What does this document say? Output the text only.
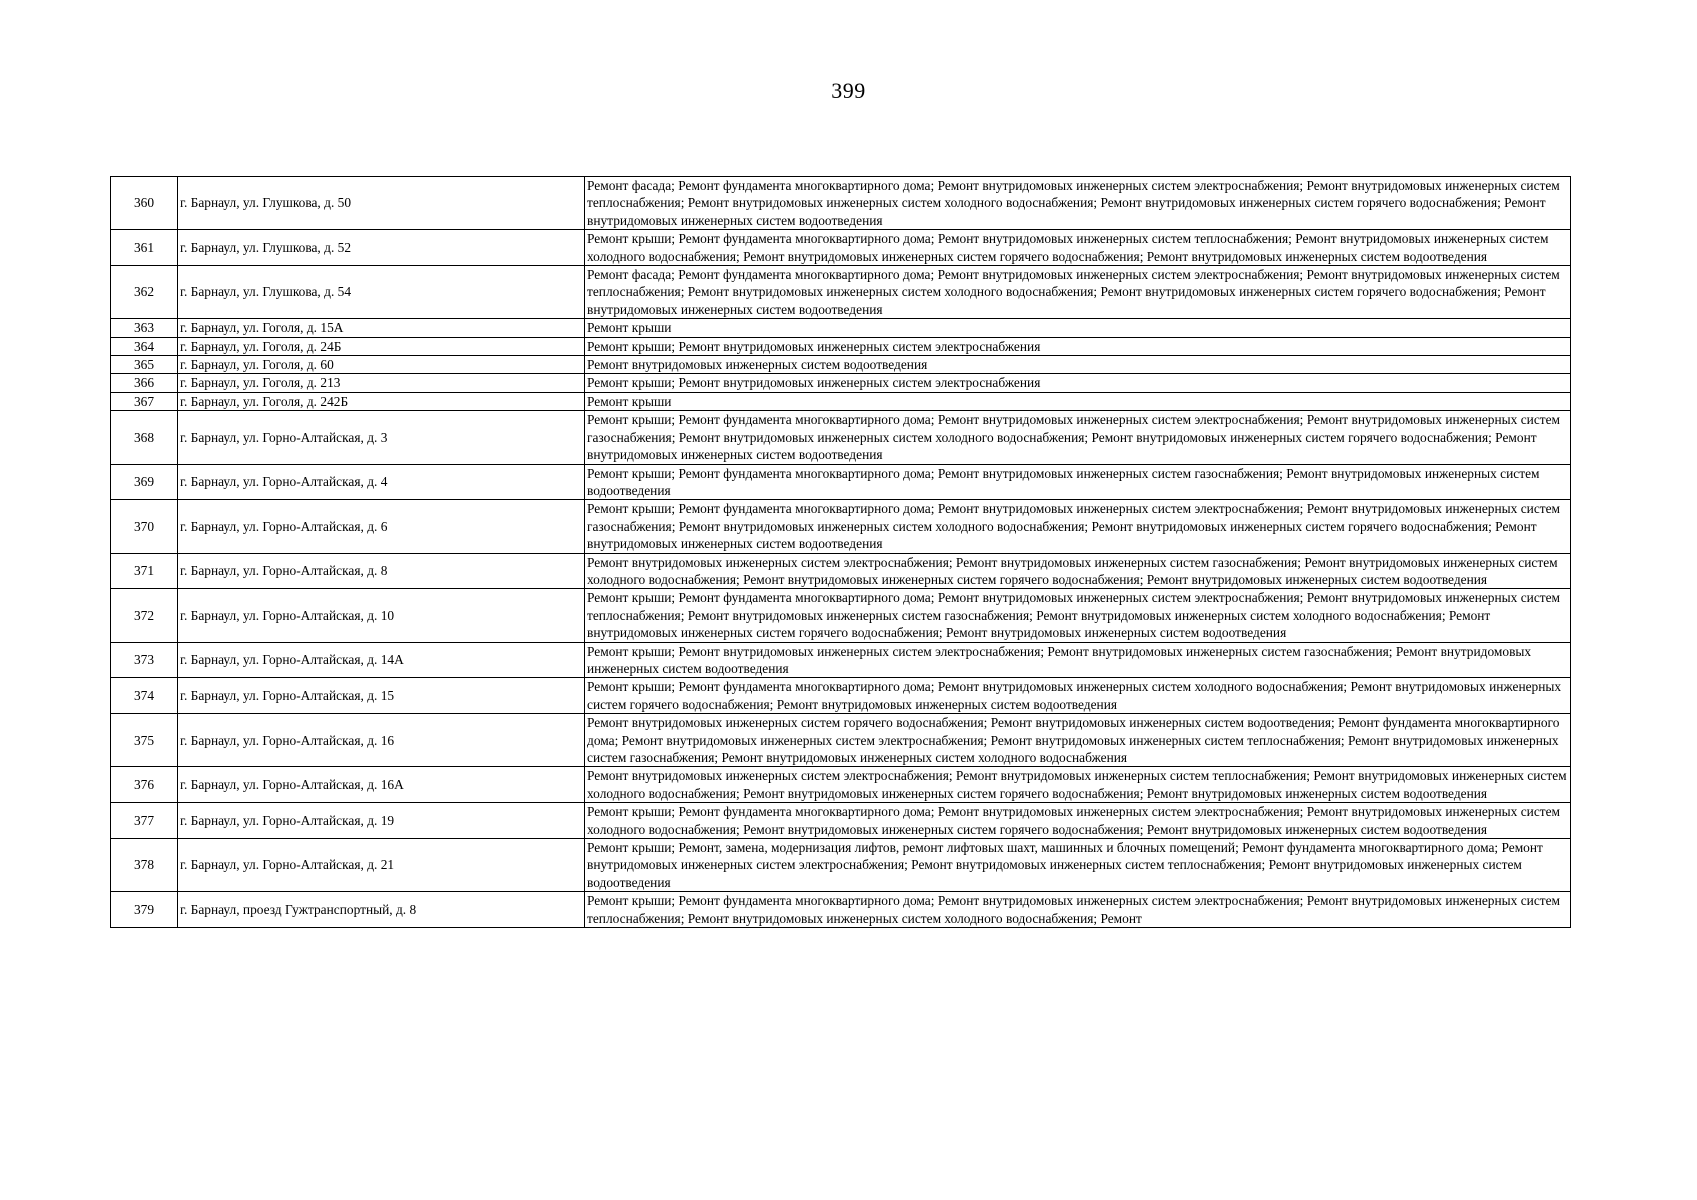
399
360	г. Барнаул, ул. Глушкова, д. 50	Ремонт фасада; Ремонт фундамента многоквартирного дома; Ремонт внутридомовых инженерных систем электроснабжения; Ремонт внутридомовых инженерных систем теплоснабжения; Ремонт внутридомовых инженерных систем холодного водоснабжения; Ремонт внутридомовых инженерных систем горячего водоснабжения; Ремонт внутридомовых инженерных систем водоотведения
361	г. Барнаул, ул. Глушкова, д. 52	Ремонт крыши; Ремонт фундамента многоквартирного дома; Ремонт внутридомовых инженерных систем теплоснабжения; Ремонт внутридомовых инженерных систем холодного водоснабжения; Ремонт внутридомовых инженерных систем горячего водоснабжения; Ремонт внутридомовых инженерных систем водоотведения
362	г. Барнаул, ул. Глушкова, д. 54	Ремонт фасада; Ремонт фундамента многоквартирного дома; Ремонт внутридомовых инженерных систем электроснабжения; Ремонт внутридомовых инженерных систем теплоснабжения; Ремонт внутридомовых инженерных систем холодного водоснабжения; Ремонт внутридомовых инженерных систем горячего водоснабжения; Ремонт внутридомовых инженерных систем водоотведения
363	г. Барнаул, ул. Гоголя, д. 15А	Ремонт крыши
364	г. Барнаул, ул. Гоголя, д. 24Б	Ремонт крыши; Ремонт внутридомовых инженерных систем электроснабжения
365	г. Барнаул, ул. Гоголя, д. 60	Ремонт внутридомовых инженерных систем водоотведения
366	г. Барнаул, ул. Гоголя, д. 213	Ремонт крыши; Ремонт внутридомовых инженерных систем электроснабжения
367	г. Барнаул, ул. Гоголя, д. 242Б	Ремонт крыши
368	г. Барнаул, ул. Горно-Алтайская, д. 3	Ремонт крыши; Ремонт фундамента многоквартирного дома; Ремонт внутридомовых инженерных систем электроснабжения; Ремонт внутридомовых инженерных систем газоснабжения; Ремонт внутридомовых инженерных систем холодного водоснабжения; Ремонт внутридомовых инженерных систем горячего водоснабжения; Ремонт внутридомовых инженерных систем водоотведения
369	г. Барнаул, ул. Горно-Алтайская, д. 4	Ремонт крыши; Ремонт фундамента многоквартирного дома; Ремонт внутридомовых инженерных систем газоснабжения; Ремонт внутридомовых инженерных систем водоотведения
370	г. Барнаул, ул. Горно-Алтайская, д. 6	Ремонт крыши; Ремонт фундамента многоквартирного дома; Ремонт внутридомовых инженерных систем электроснабжения; Ремонт внутридомовых инженерных систем газоснабжения; Ремонт внутридомовых инженерных систем холодного водоснабжения; Ремонт внутридомовых инженерных систем горячего водоснабжения; Ремонт внутридомовых инженерных систем водоотведения
371	г. Барнаул, ул. Горно-Алтайская, д. 8	Ремонт внутридомовых инженерных систем электроснабжения; Ремонт внутридомовых инженерных систем газоснабжения; Ремонт внутридомовых инженерных систем холодного водоснабжения; Ремонт внутридомовых инженерных систем горячего водоснабжения; Ремонт внутридомовых инженерных систем водоотведения
372	г. Барнаул, ул. Горно-Алтайская, д. 10	Ремонт крыши; Ремонт фундамента многоквартирного дома; Ремонт внутридомовых инженерных систем электроснабжения; Ремонт внутридомовых инженерных систем теплоснабжения; Ремонт внутридомовых инженерных систем газоснабжения; Ремонт внутридомовых инженерных систем холодного водоснабжения; Ремонт внутридомовых инженерных систем горячего водоснабжения; Ремонт внутридомовых инженерных систем водоотведения
373	г. Барнаул, ул. Горно-Алтайская, д. 14А	Ремонт крыши; Ремонт внутридомовых инженерных систем электроснабжения; Ремонт внутридомовых инженерных систем газоснабжения; Ремонт внутридомовых инженерных систем водоотведения
374	г. Барнаул, ул. Горно-Алтайская, д. 15	Ремонт крыши; Ремонт фундамента многоквартирного дома; Ремонт внутридомовых инженерных систем холодного водоснабжения; Ремонт внутридомовых инженерных систем горячего водоснабжения; Ремонт внутридомовых инженерных систем водоотведения
375	г. Барнаул, ул. Горно-Алтайская, д. 16	Ремонт внутридомовых инженерных систем горячего водоснабжения; Ремонт внутридомовых инженерных систем водоотведения; Ремонт фундамента многоквартирного дома; Ремонт внутридомовых инженерных систем электроснабжения; Ремонт внутридомовых инженерных систем теплоснабжения; Ремонт внутридомовых инженерных систем газоснабжения; Ремонт внутридомовых инженерных систем холодного водоснабжения
376	г. Барнаул, ул. Горно-Алтайская, д. 16А	Ремонт внутридомовых инженерных систем электроснабжения; Ремонт внутридомовых инженерных систем теплоснабжения; Ремонт внутридомовых инженерных систем холодного водоснабжения; Ремонт внутридомовых инженерных систем горячего водоснабжения; Ремонт внутридомовых инженерных систем водоотведения
377	г. Барнаул, ул. Горно-Алтайская, д. 19	Ремонт крыши; Ремонт фундамента многоквартирного дома; Ремонт внутридомовых инженерных систем электроснабжения; Ремонт внутридомовых инженерных систем холодного водоснабжения; Ремонт внутридомовых инженерных систем горячего водоснабжения; Ремонт внутридомовых инженерных систем водоотведения
378	г. Барнаул, ул. Горно-Алтайская, д. 21	Ремонт крыши; Ремонт, замена, модернизация лифтов, ремонт лифтовых шахт, машинных и блочных помещений; Ремонт фундамента многоквартирного дома; Ремонт внутридомовых инженерных систем электроснабжения; Ремонт внутридомовых инженерных систем теплоснабжения; Ремонт внутридомовых инженерных систем водоотведения
379	г. Барнаул, проезд Гужтранспортный, д. 8	Ремонт крыши; Ремонт фундамента многоквартирного дома; Ремонт внутридомовых инженерных систем электроснабжения; Ремонт внутридомовых инженерных систем теплоснабжения; Ремонт внутридомовых инженерных систем холодного водоснабжения; Ремонт
